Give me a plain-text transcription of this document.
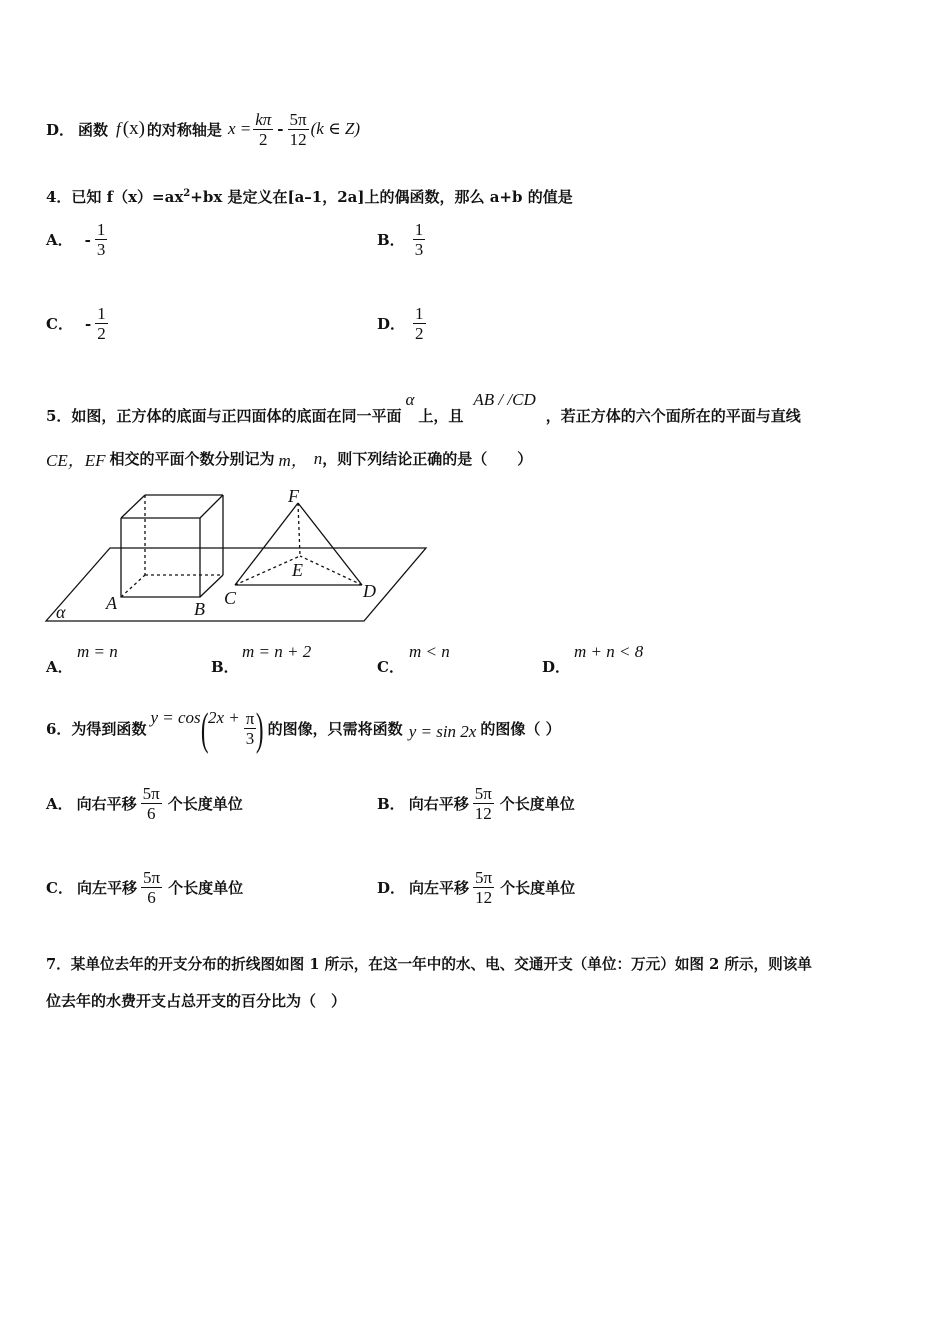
D． 函数 f (x) 的对称轴是 $x = \frac{k\pi}{2} - \frac{5\pi}{12} (k$ ∈ Z)
4．已知 $f(x)=ax^2+bx$ 是定义在[a–1，2a]上的偶函数，那么 a+b 的值是
A． - $\frac{1}{3}$	B． $\frac{1}{3}$
C． - $\frac{1}{2}$	D． $\frac{1}{2}$
5．如图，正方体的底面与正四面体的底面在同一平面
α
上，且
AB / /CD
，若正方体的六个面所在的平面与直线
CE，EF 相交的平面个数分别记为 m， n ，则下列结论正确的是（　　）
F
E
A	B
C	D
α
A．
m = n
B．
m = n + 2
C．
m < n
D．
m + n < 8
6．为得到函数
y = cos ( $2x + \frac{\pi}{3}$ ) 的图像，只需将函数 y = sin 2x 的图像（ ）
A． 向右平移 $\frac{5\pi}{6}$ 个长度单位	B． 向右平移 $\frac{5\pi}{12}$ 个长度单位
C． 向左平移 $\frac{5\pi}{6}$ 个长度单位	D． 向左平移 $\frac{5\pi}{12}$ 个长度单位
7．某单位去年的开支分布的折线图如图 1 所示，在这一年中的水、电、交通开支（单位：万元）如图 2 所示，则该单
位去年的水费开支占总开支的百分比为（　）
